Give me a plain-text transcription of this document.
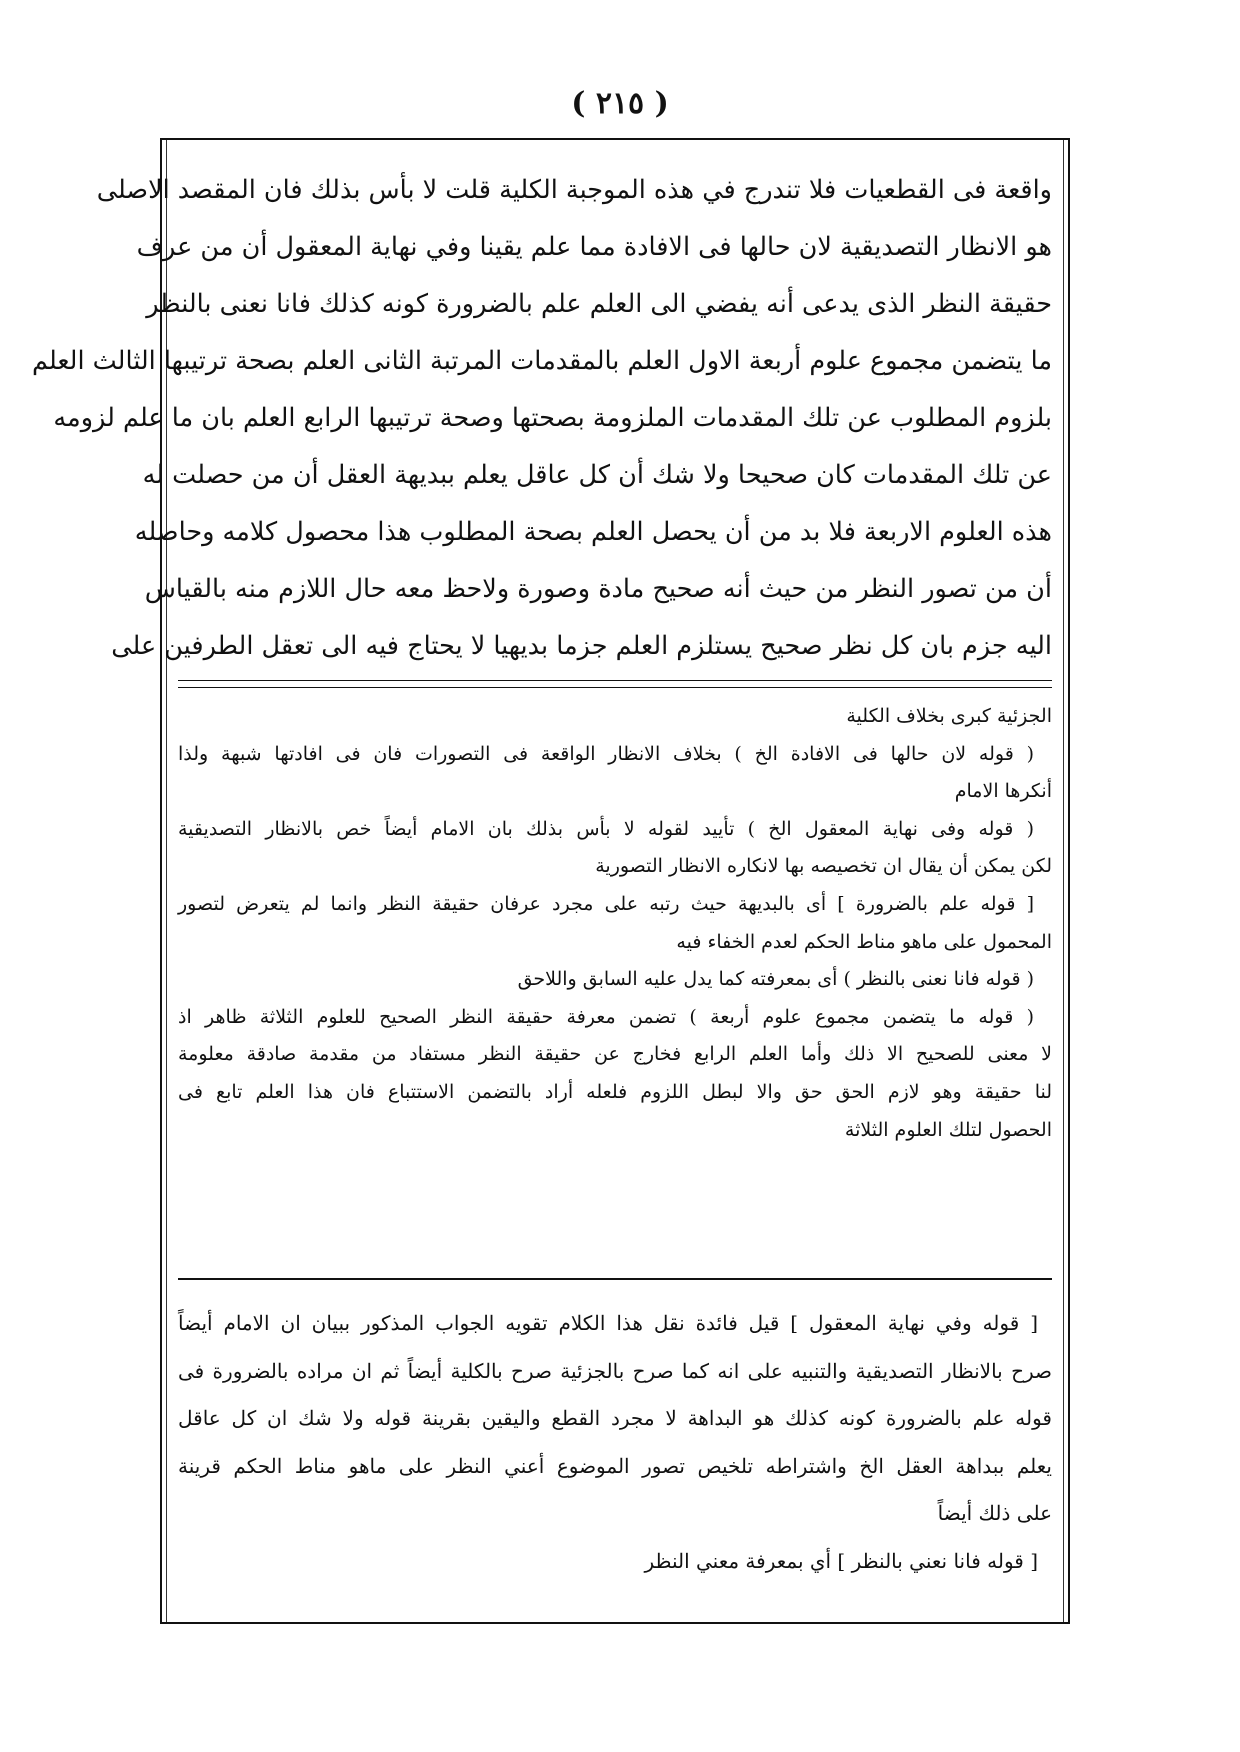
( ٢١٥ )
واقعة فى القطعيات فلا تندرج في هذه الموجبة الكلية قلت لا بأس بذلك فان المقصد الاصلى
هو الانظار التصديقية لان حالها فى الافادة مما علم يقينا وفي نهاية المعقول أن من عرف
حقيقة النظر الذى يدعى أنه يفضي الى العلم علم بالضرورة كونه كذلك فانا نعنى بالنظر
ما يتضمن مجموع علوم أربعة الاول العلم بالمقدمات المرتبة الثانى العلم بصحة ترتيبها الثالث العلم
بلزوم المطلوب عن تلك المقدمات الملزومة بصحتها وصحة ترتيبها الرابع العلم بان ما علم لزومه
عن تلك المقدمات كان صحيحا ولا شك أن كل عاقل يعلم ببديهة العقل أن من حصلت له
هذه العلوم الاربعة فلا بد من أن يحصل العلم بصحة المطلوب هذا محصول كلامه وحاصله
أن من تصور النظر من حيث أنه صحيح مادة وصورة ولاحظ معه حال اللازم منه بالقياس
اليه جزم بان كل نظر صحيح يستلزم العلم جزما بديهيا لا يحتاج فيه الى تعقل الطرفين على
الجزئية كبرى بخلاف الكلية
( قوله لان حالها فى الافادة الخ ) بخلاف الانظار الواقعة فى التصورات فان فى افادتها شبهة ولذا
أنكرها الامام
( قوله وفى نهاية المعقول الخ ) تأييد لقوله لا بأس بذلك بان الامام أيضاً خص بالانظار التصديقية
لكن يمكن أن يقال ان تخصيصه بها لانكاره الانظار التصورية
[ قوله علم بالضرورة ] أى بالبديهة حيث رتبه على مجرد عرفان حقيقة النظر وانما لم يتعرض لتصور
المحمول على ماهو مناط الحكم لعدم الخفاء فيه
( قوله فانا نعنى بالنظر ) أى بمعرفته كما يدل عليه السابق واللاحق
( قوله ما يتضمن مجموع علوم أربعة ) تضمن معرفة حقيقة النظر الصحيح للعلوم الثلاثة ظاهر اذ
لا معنى للصحيح الا ذلك وأما العلم الرابع فخارج عن حقيقة النظر مستفاد من مقدمة صادقة معلومة
لنا حقيقة وهو لازم الحق حق والا لبطل اللزوم فلعله أراد بالتضمن الاستتباع فان هذا العلم تابع فى
الحصول لتلك العلوم الثلاثة
[ قوله وفي نهاية المعقول ] قيل فائدة نقل هذا الكلام تقويه الجواب المذكور ببيان ان الامام أيضاً
صرح بالانظار التصديقية والتنبيه على انه كما صرح بالجزئية صرح بالكلية أيضاً ثم ان مراده بالضرورة فى
قوله علم بالضرورة كونه كذلك هو البداهة لا مجرد القطع واليقين بقرينة قوله ولا شك ان كل عاقل
يعلم ببداهة العقل الخ واشتراطه تلخيص تصور الموضوع أعني النظر على ماهو مناط الحكم قرينة
على ذلك أيضاً
[ قوله فانا نعني بالنظر ] أي بمعرفة معني النظر
